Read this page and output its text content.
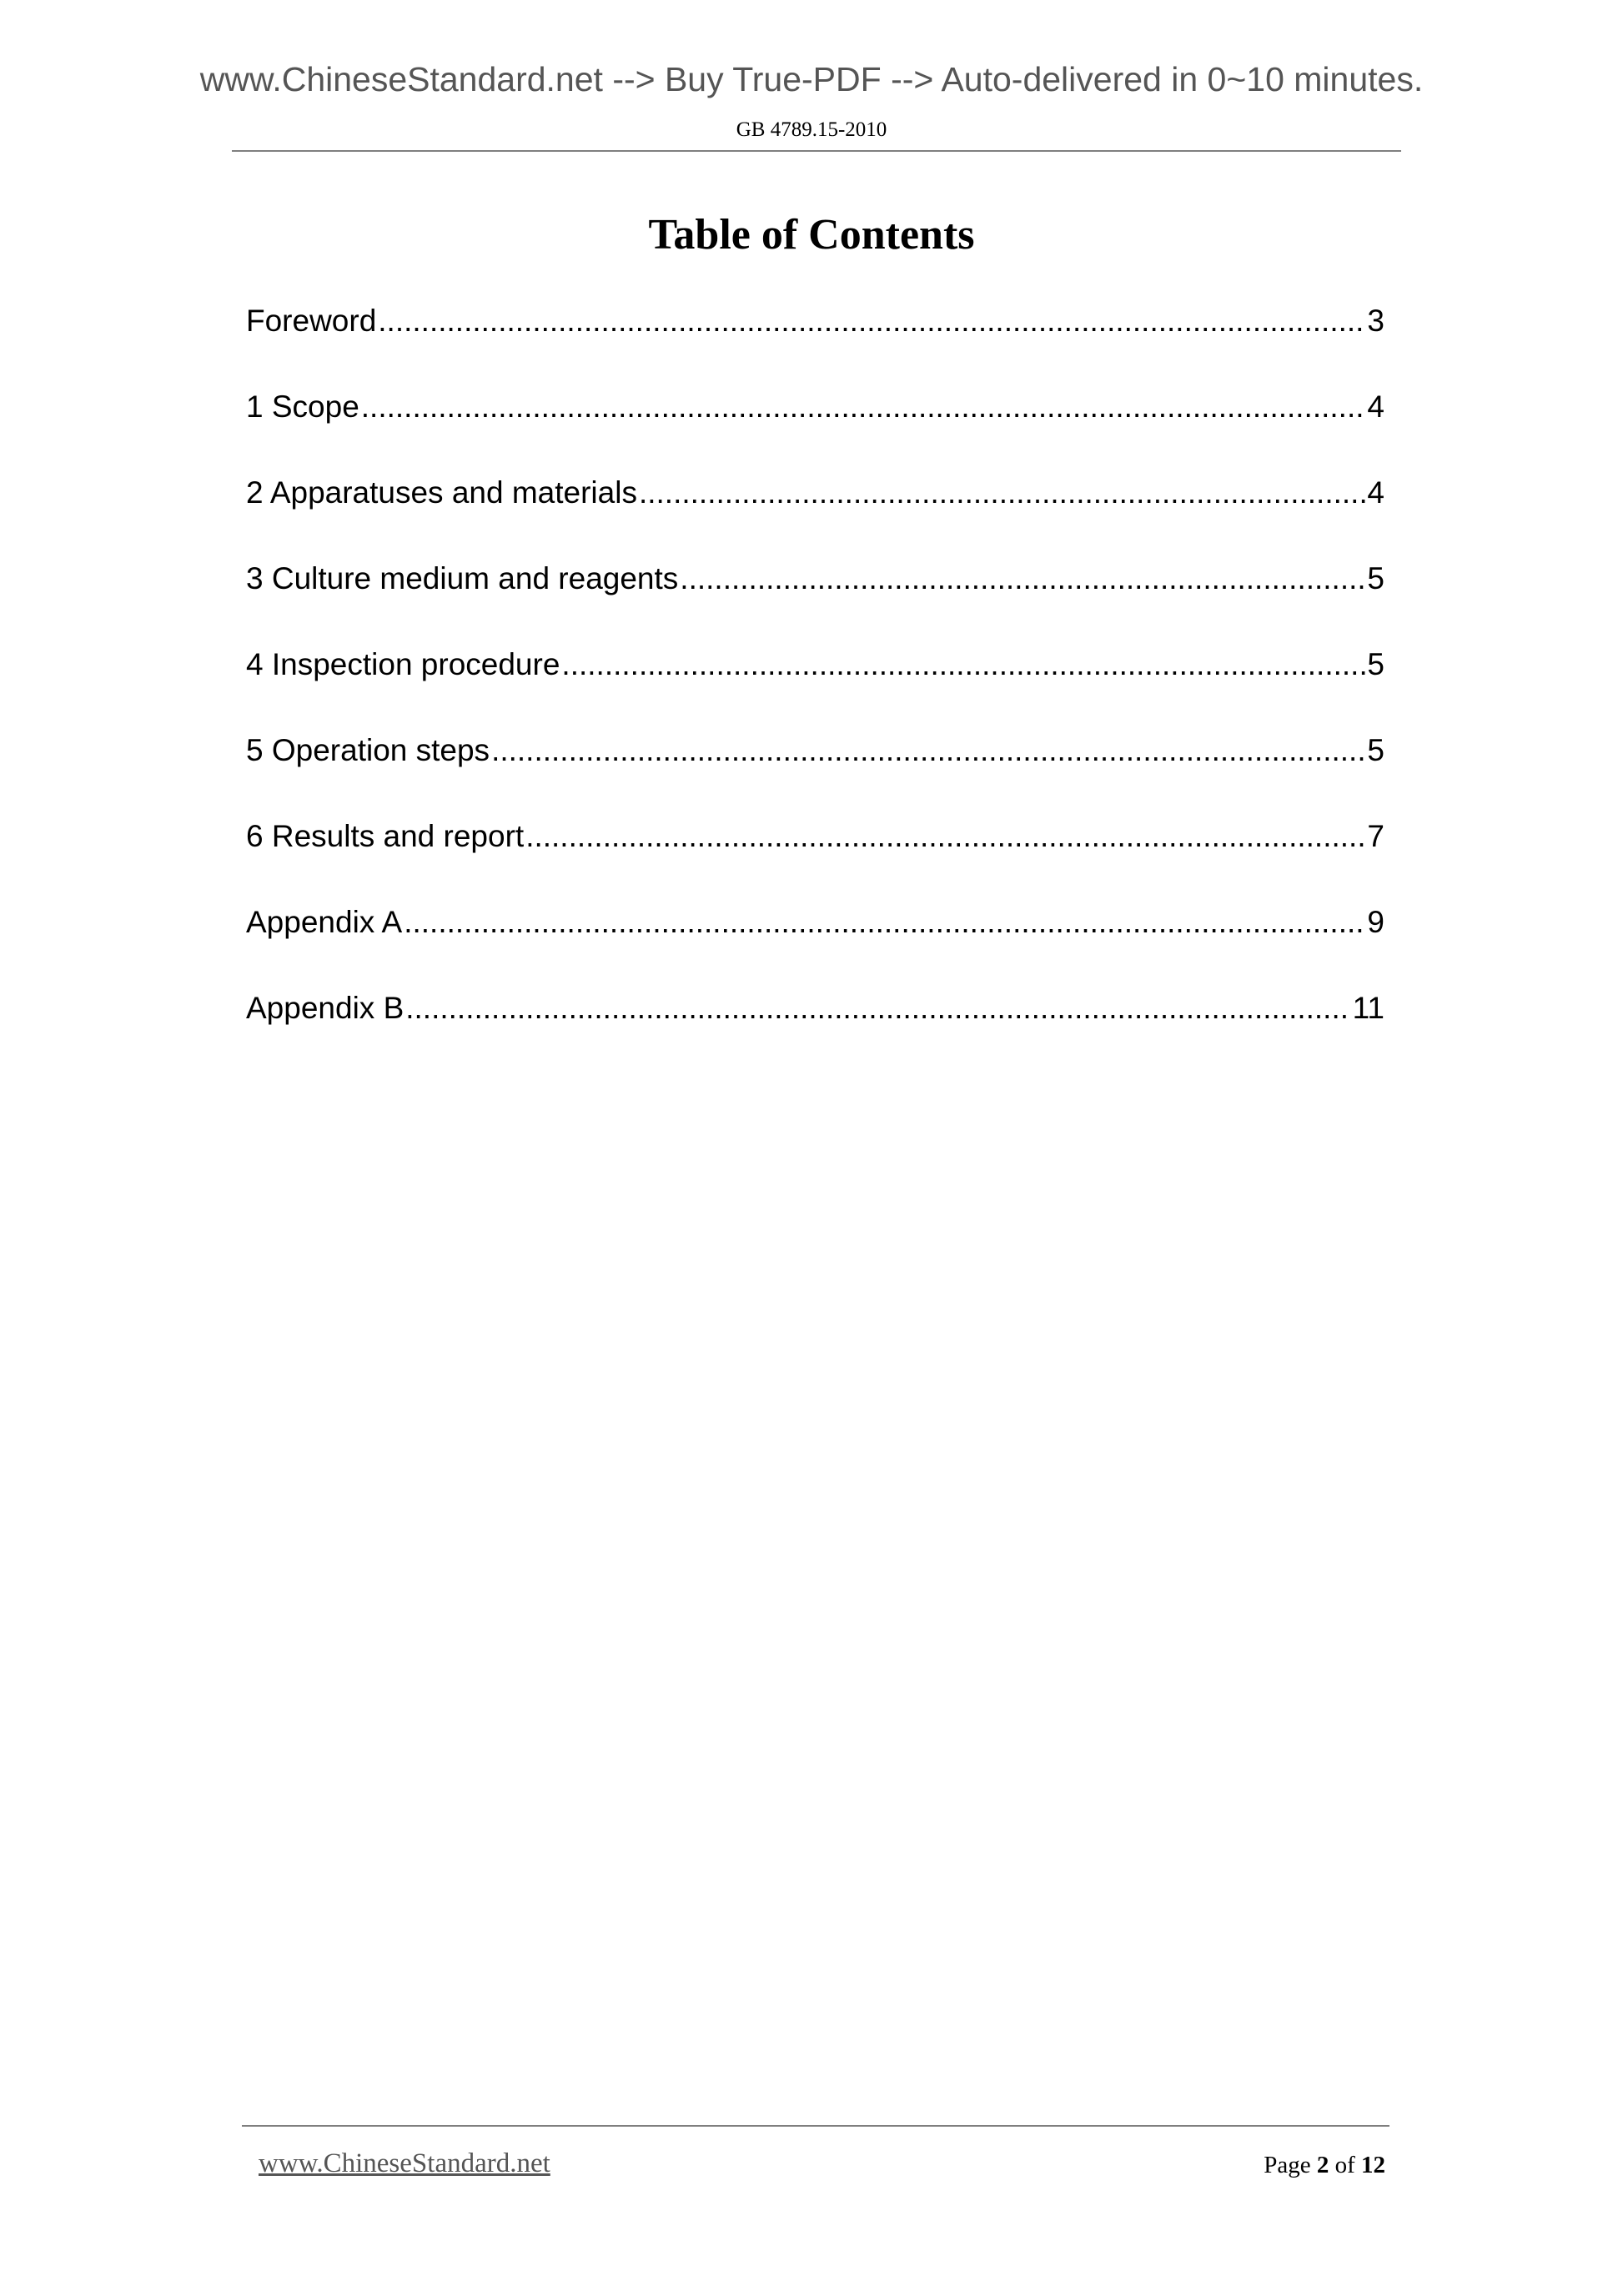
www.ChineseStandard.net --> Buy True-PDF --> Auto-delivered in 0~10 minutes.
GB 4789.15-2010
Table of Contents
Foreword .....	3
1 Scope .....	4
2 Apparatuses and materials .....	4
3 Culture medium and reagents .....	5
4 Inspection procedure .....	5
5 Operation steps .....	5
6 Results and report .....	7
Appendix A .....	9
Appendix B .....	11
www.ChineseStandard.net	Page 2 of 12
